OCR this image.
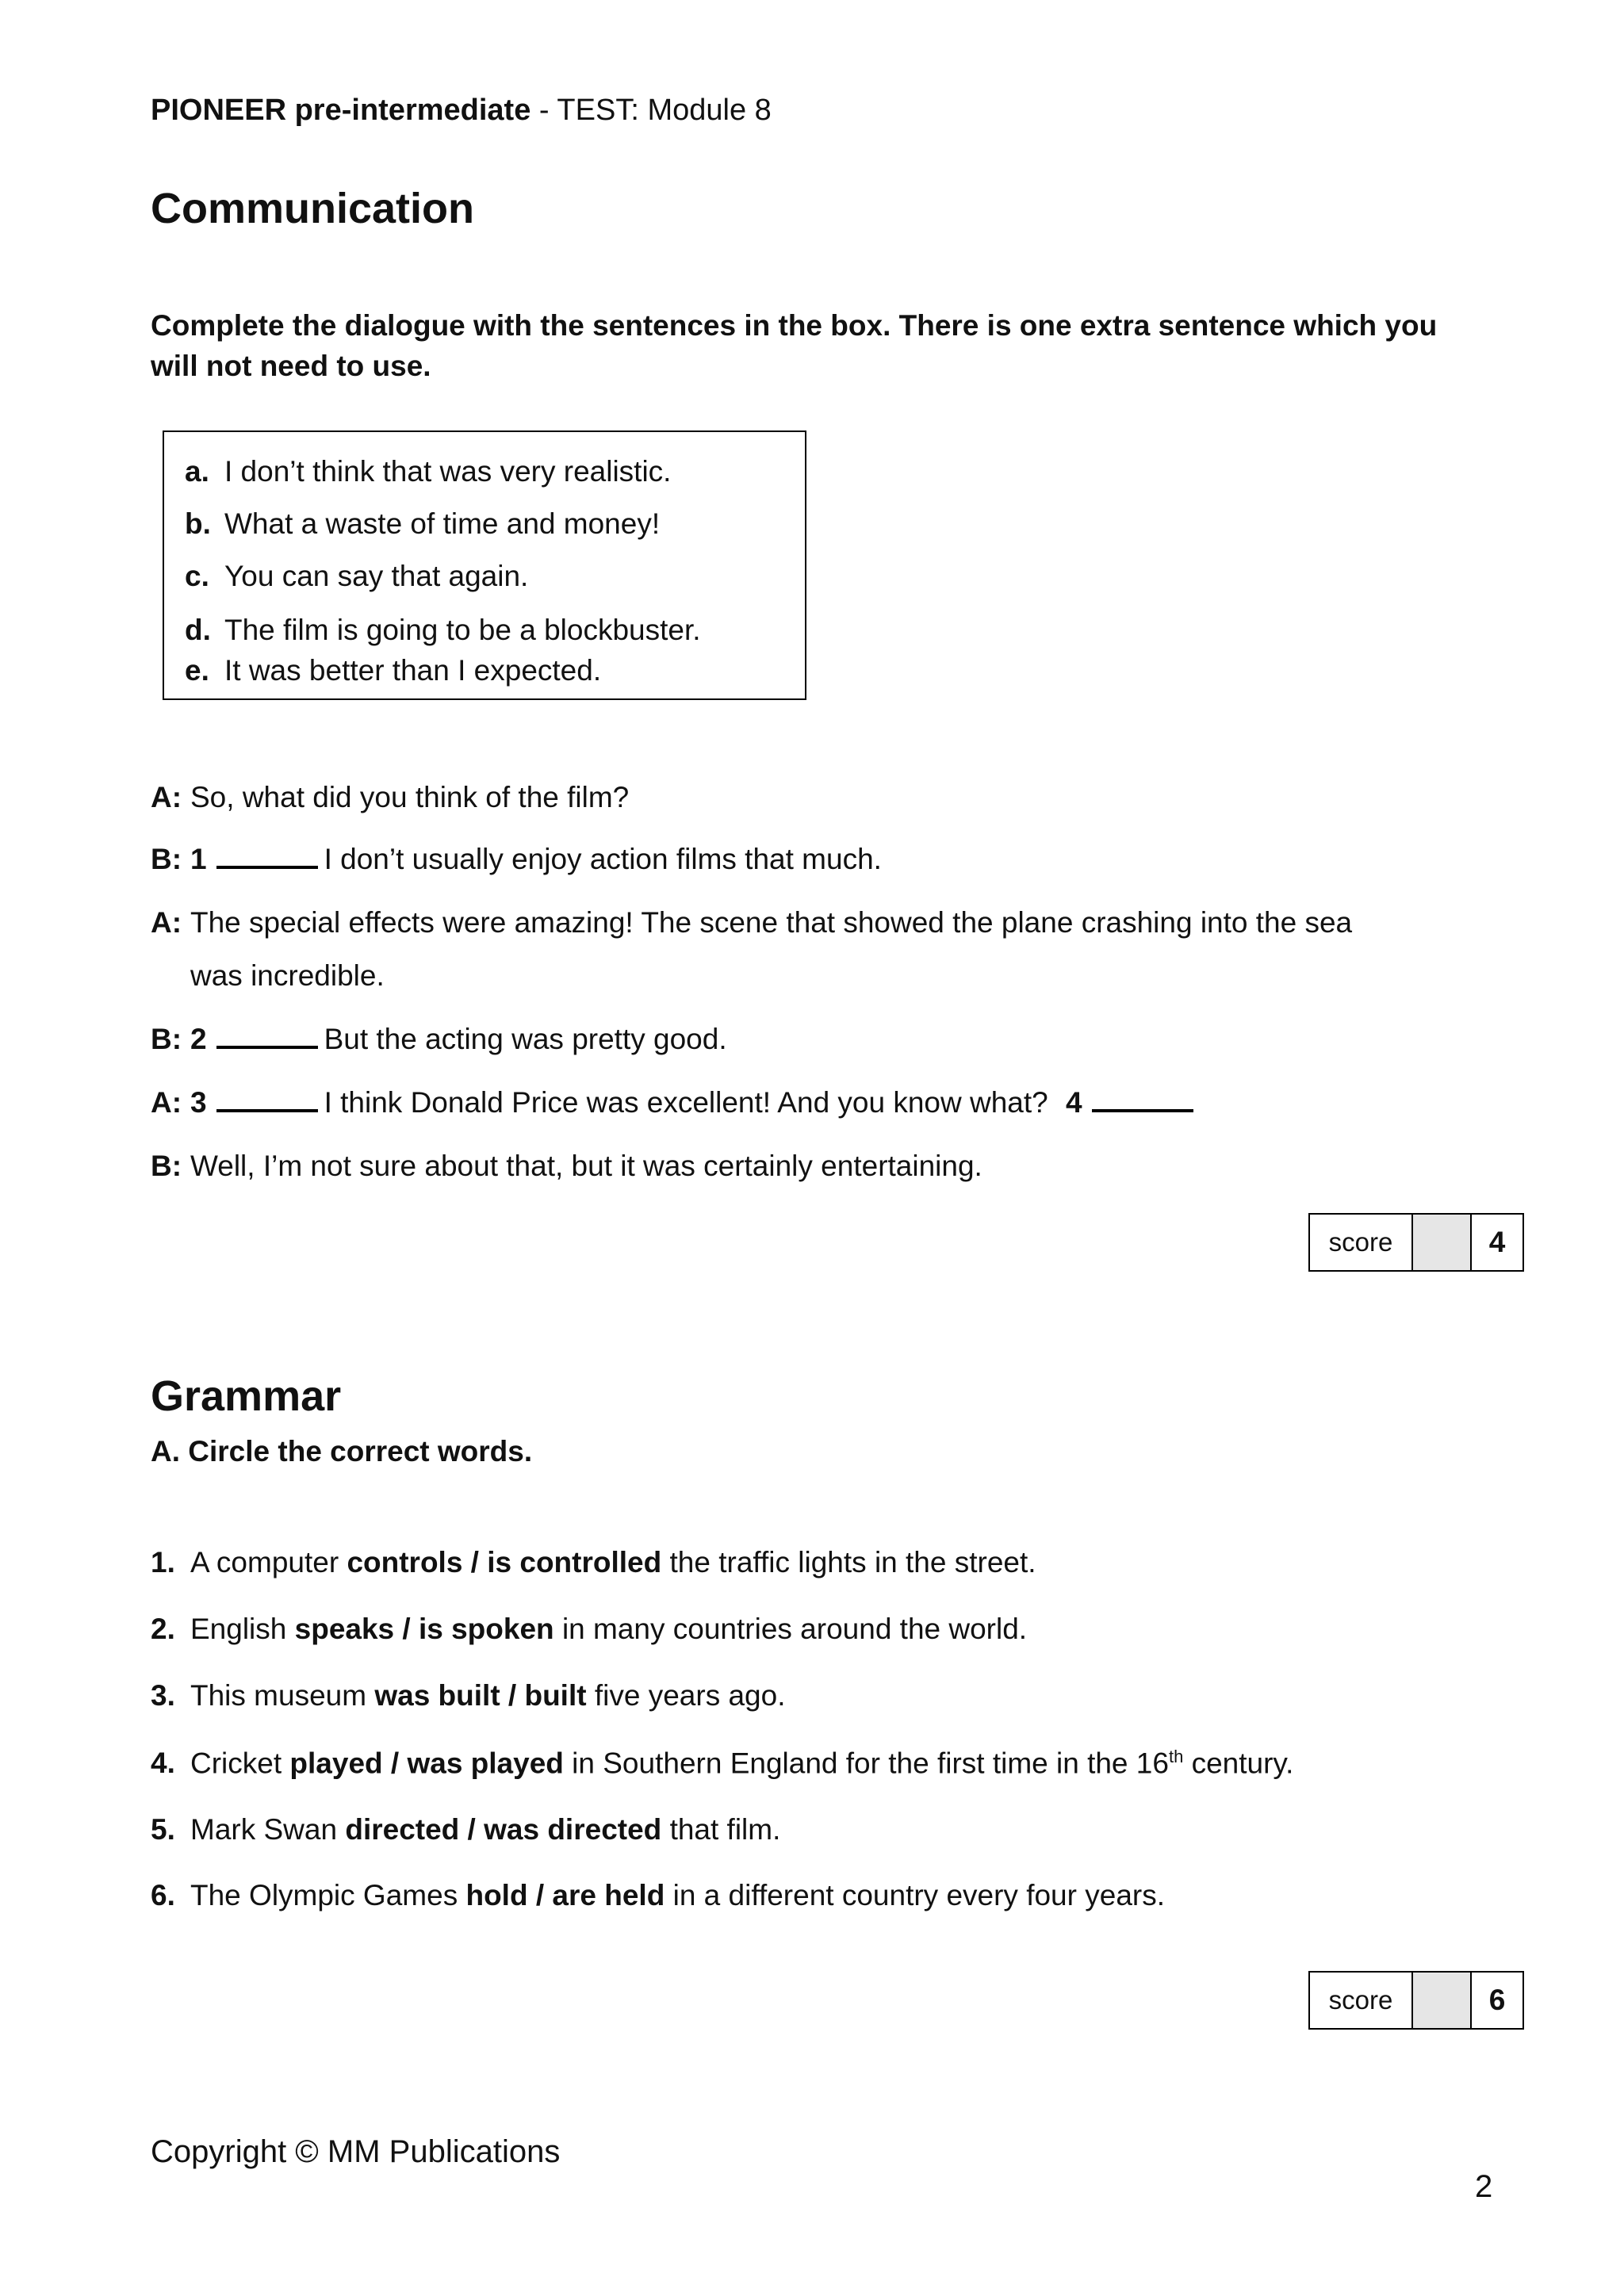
PIONEER pre-intermediate - TEST: Module 8
Communication
Complete the dialogue with the sentences in the box. There is one extra sentence which you will not need to use.
a. I don’t think that was very realistic.
b. What a waste of time and money!
c. You can say that again.
d. The film is going to be a blockbuster.
e. It was better than I expected.
A: So, what did you think of the film?
B: 1	I don’t usually enjoy action films that much.
A: The special effects were amazing! The scene that showed the plane crashing into the sea
was incredible.
B: 2	But the acting was pretty good.
A: 3	I think Donald Price was excellent! And you know what? 4
B: Well, I’m not sure about that, but it was certainly entertaining.
score	4
Grammar
A. Circle the correct words.
1. A computer controls / is controlled the traffic lights in the street.
2. English speaks / is spoken in many countries around the world.
3. This museum was built / built five years ago.
4. Cricket played / was played in Southern England for the first time in the 16th century.
5. Mark Swan directed / was directed that film.
6. The Olympic Games hold / are held in a different country every four years.
score	6
Copyright © MM Publications
2
